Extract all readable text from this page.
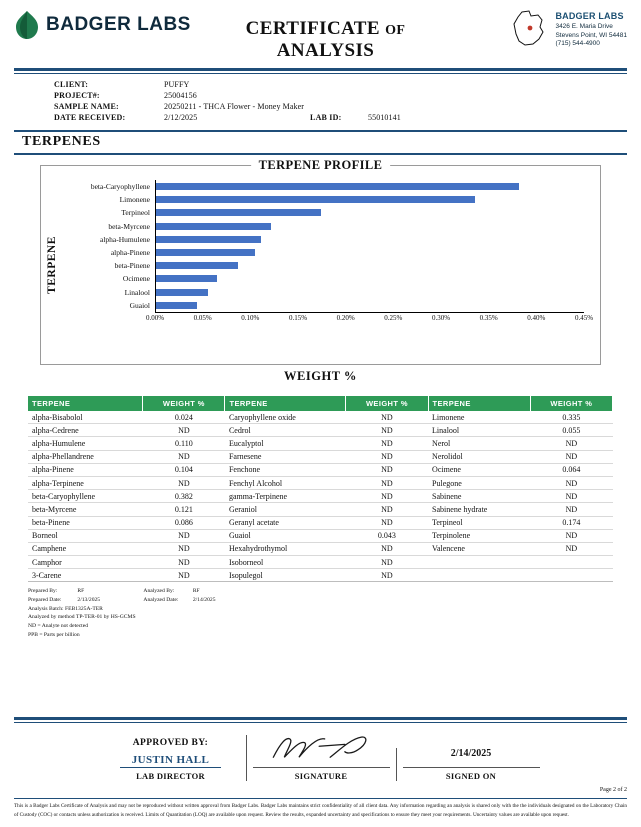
BADGER LABS	CERTIFICATE OF ANALYSIS
BADGER LABS
3426 E. Maria Drive
Stevens Point, WI 54481
(715) 544-4900
CLIENT:	PUFFY
PROJECT#:	25004156
SAMPLE NAME:	20250211 - THCA Flower - Money Maker
DATE RECEIVED:	2/12/2025	LAB ID:	55010141
TERPENES
TERPENE PROFILE
TERPENE
beta-Caryophyllene
Limonene
Terpineol
beta-Myrcene
alpha-Humulene
alpha-Pinene
beta-Pinene
Ocimene
Linalool
Guaiol
0.00%	0.05%	0.10%	0.15%	0.20%	0.25%	0.30%	0.35%	0.40%	0.45%
WEIGHT %
TERPENE	WEIGHT %	TERPENE	WEIGHT %	TERPENE	WEIGHT %
alpha-Bisabolol	0.024	Caryophyllene oxide	ND	Limonene	0.335
alpha-Cedrene	ND	Cedrol	ND	Linalool	0.055
alpha-Humulene	0.110	Eucalyptol	ND	Nerol	ND
alpha-Phellandrene	ND	Farnesene	ND	Nerolidol	ND
alpha-Pinene	0.104	Fenchone	ND	Ocimene	0.064
alpha-Terpinene	ND	Fenchyl Alcohol	ND	Pulegone	ND
beta-Caryophyllene	0.382	gamma-Terpinene	ND	Sabinene	ND
beta-Myrcene	0.121	Geraniol	ND	Sabinene hydrate	ND
beta-Pinene	0.086	Geranyl acetate	ND	Terpineol	0.174
Borneol	ND	Guaiol	0.043	Terpinolene	ND
Camphene	ND	Hexahydrothymol	ND	Valencene	ND
Camphor	ND	Isoborneol	ND		
3-Carene	ND	Isopulegol	ND		
Prepared By:	RF	Analyzed By:	RF
Prepared Date:	2/13/2025	Analyzed Date:	2/14/2025
Analysis Batch: FEB1325A-TER
Analyzed by method TP-TER-01 by HS-GCMS
ND = Analyte not detected
PPB = Parts per billion
APPROVED BY:
JUSTIN HALL
LAB DIRECTOR	SIGNATURE
2/14/2025
SIGNED ON
Page 2 of 2
This is a Badger Labs Certificate of Analysis and may not be reproduced without written approval from Badger Labs. Badger Labs maintains strict confidentiality of all client data. Any information regarding an analysis is shared only with the the individuals designated on the Laboratory Chain of Custody (COC) or contacts unless authorization is received. Limits of Quantitation (LOQ) are available upon request. Review the results, expanded uncertainty and specifications to ensure they meet your requirements. Uncertainty values are available upon request.
